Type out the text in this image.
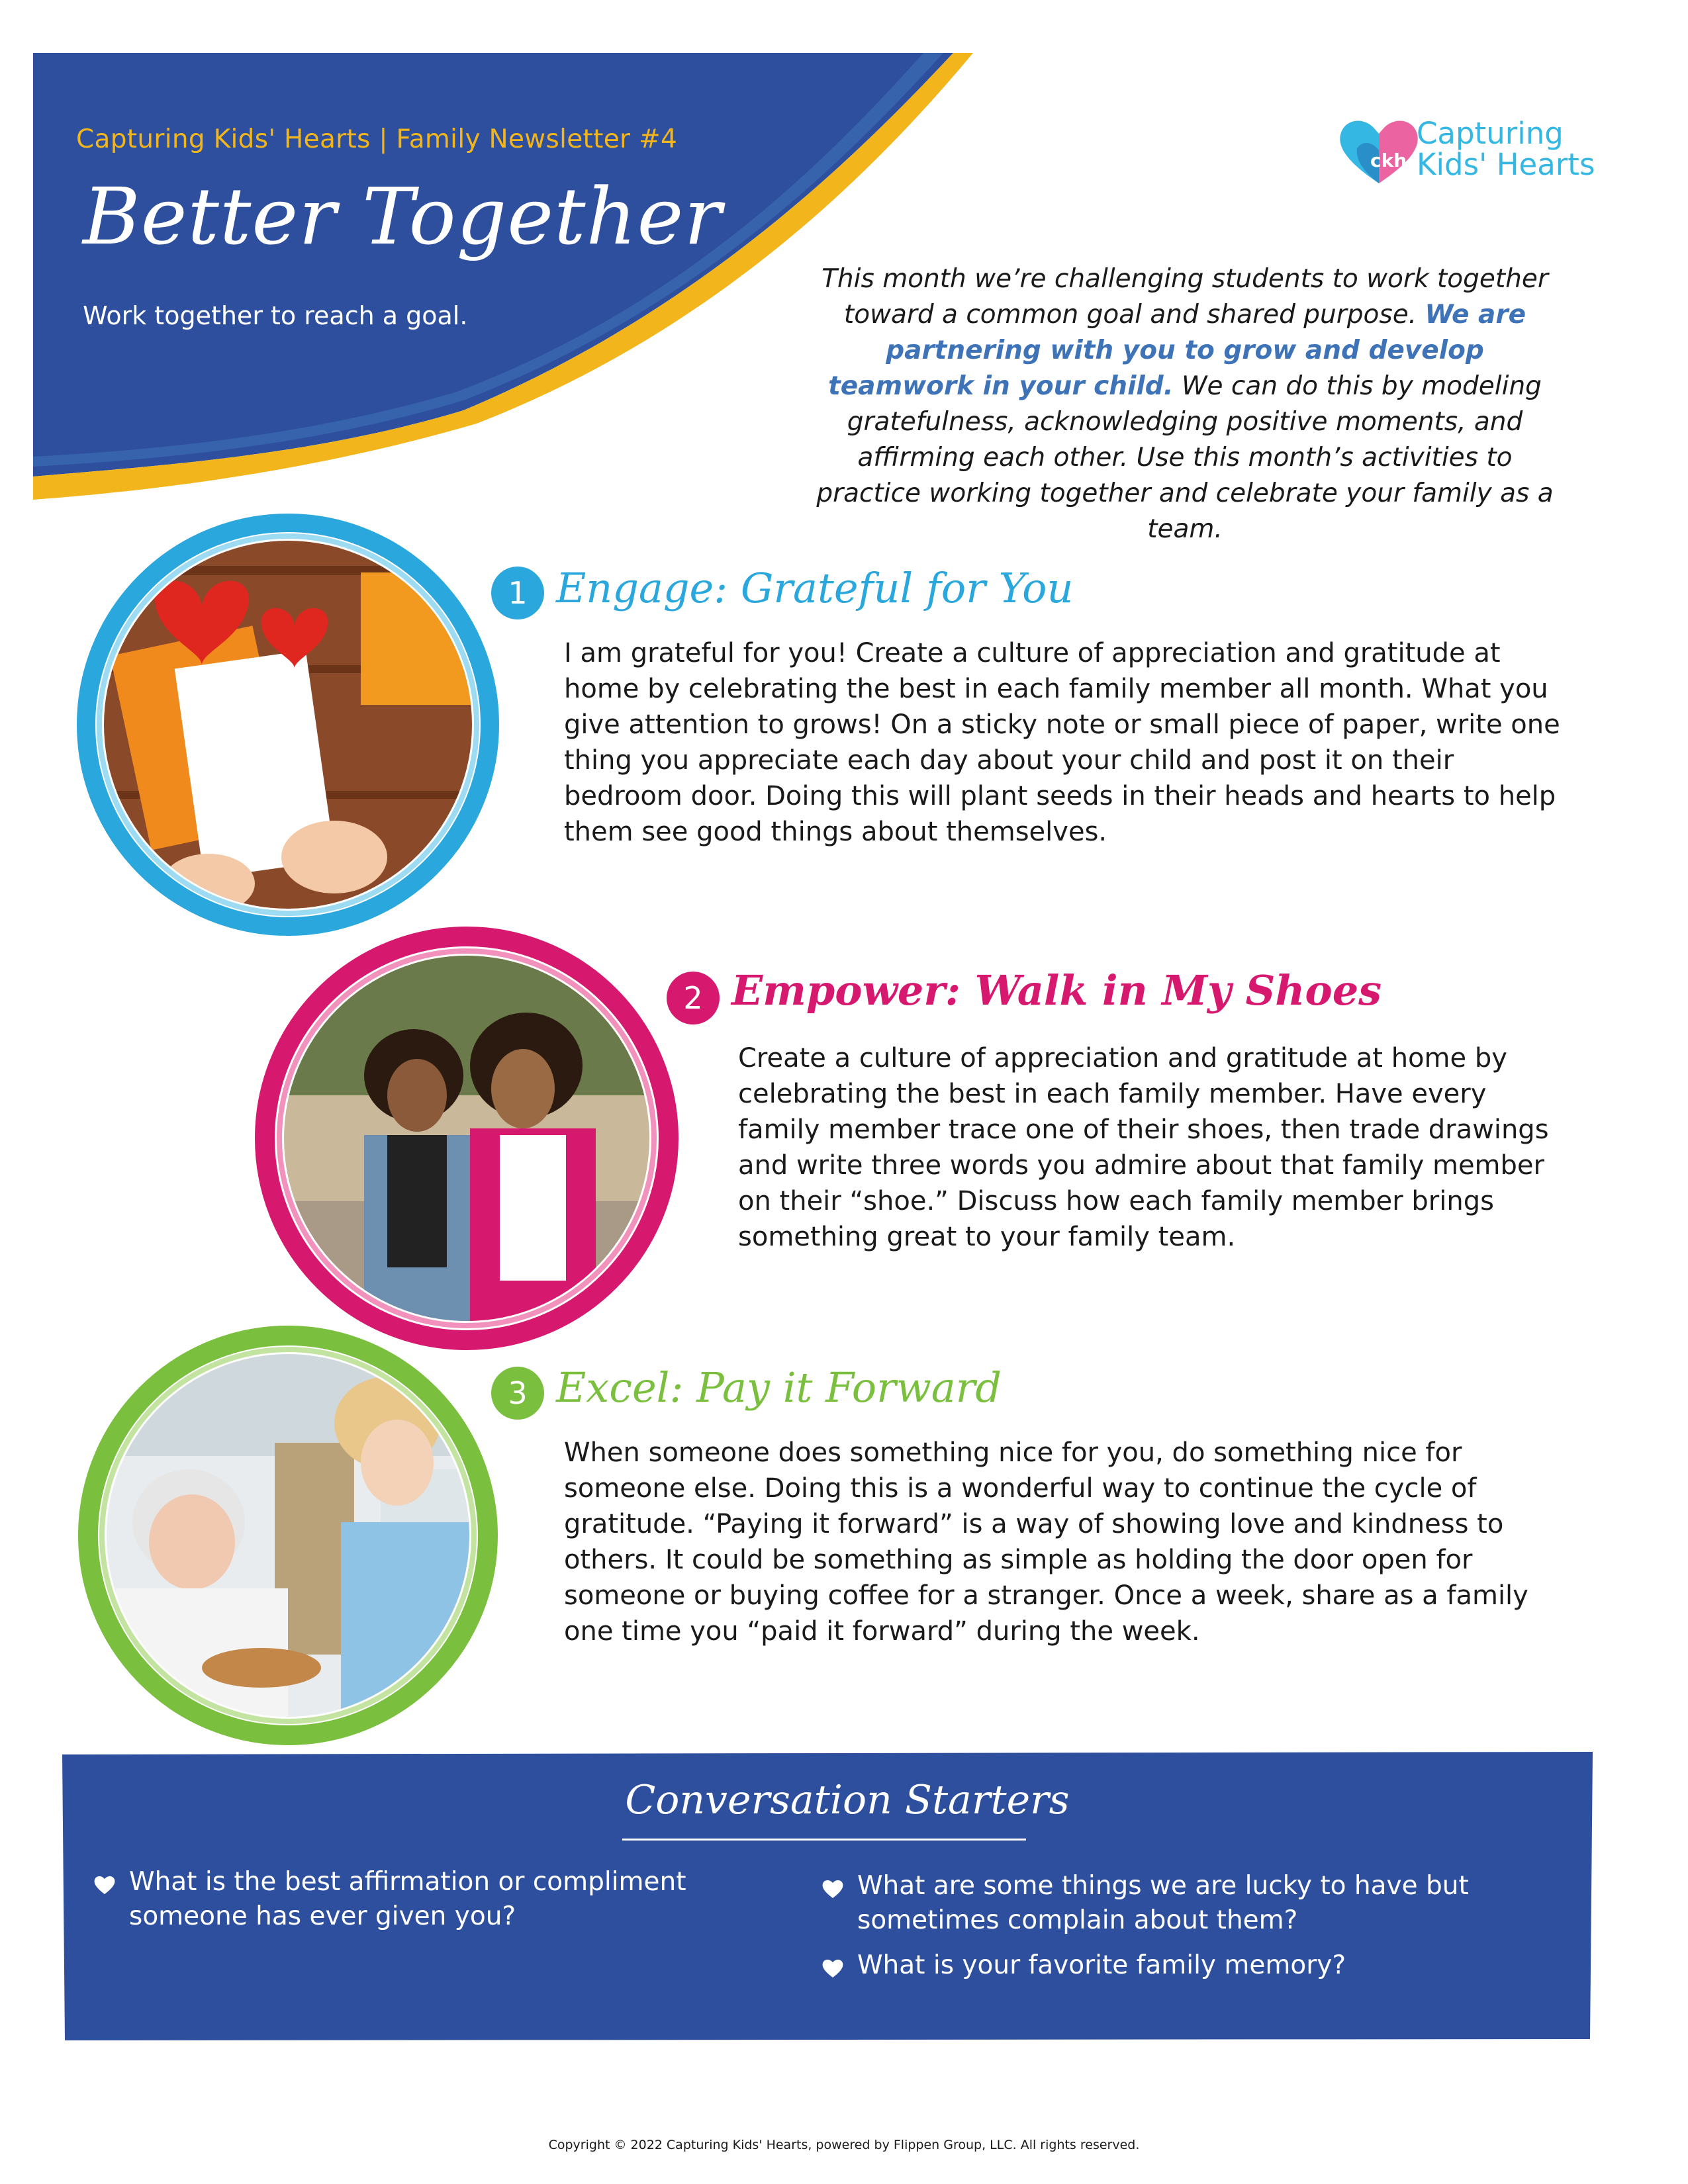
Capturing Kids' Hearts | Family Newsletter #4
Better Together
Work together to reach a goal.
ckh
Capturing
Kids' Hearts
This month we’re challenging students to work together toward a common goal and shared purpose. We are partnering with you to grow and develop teamwork in your child. We can do this by modeling gratefulness, acknowledging positive moments, and affirming each other. Use this month’s activities to practice working together and celebrate your family as a team.
1 Engage: Grateful for You
I am grateful for you! Create a culture of appreciation and gratitude at home by celebrating the best in each family member all month. What you give attention to grows! On a sticky note or small piece of paper, write one thing you appreciate each day about your child and post it on their bedroom door. Doing this will plant seeds in their heads and hearts to help them see good things about themselves.
2 Empower: Walk in My Shoes
Create a culture of appreciation and gratitude at home by celebrating the best in each family member. Have every family member trace one of their shoes, then trade drawings and write three words you admire about that family member on their “shoe.” Discuss how each family member brings something great to your family team.
3 Excel: Pay it Forward
When someone does something nice for you, do something nice for someone else. Doing this is a wonderful way to continue the cycle of gratitude. “Paying it forward” is a way of showing love and kindness to others. It could be something as simple as holding the door open for someone or buying coffee for a stranger. Once a week, share as a family one time you “paid it forward” during the week.
Conversation Starters
What is the best affirmation or compliment someone has ever given you?
What are some things we are lucky to have but sometimes complain about them?
What is your favorite family memory?
Copyright © 2022 Capturing Kids' Hearts, powered by Flippen Group, LLC. All rights reserved.
